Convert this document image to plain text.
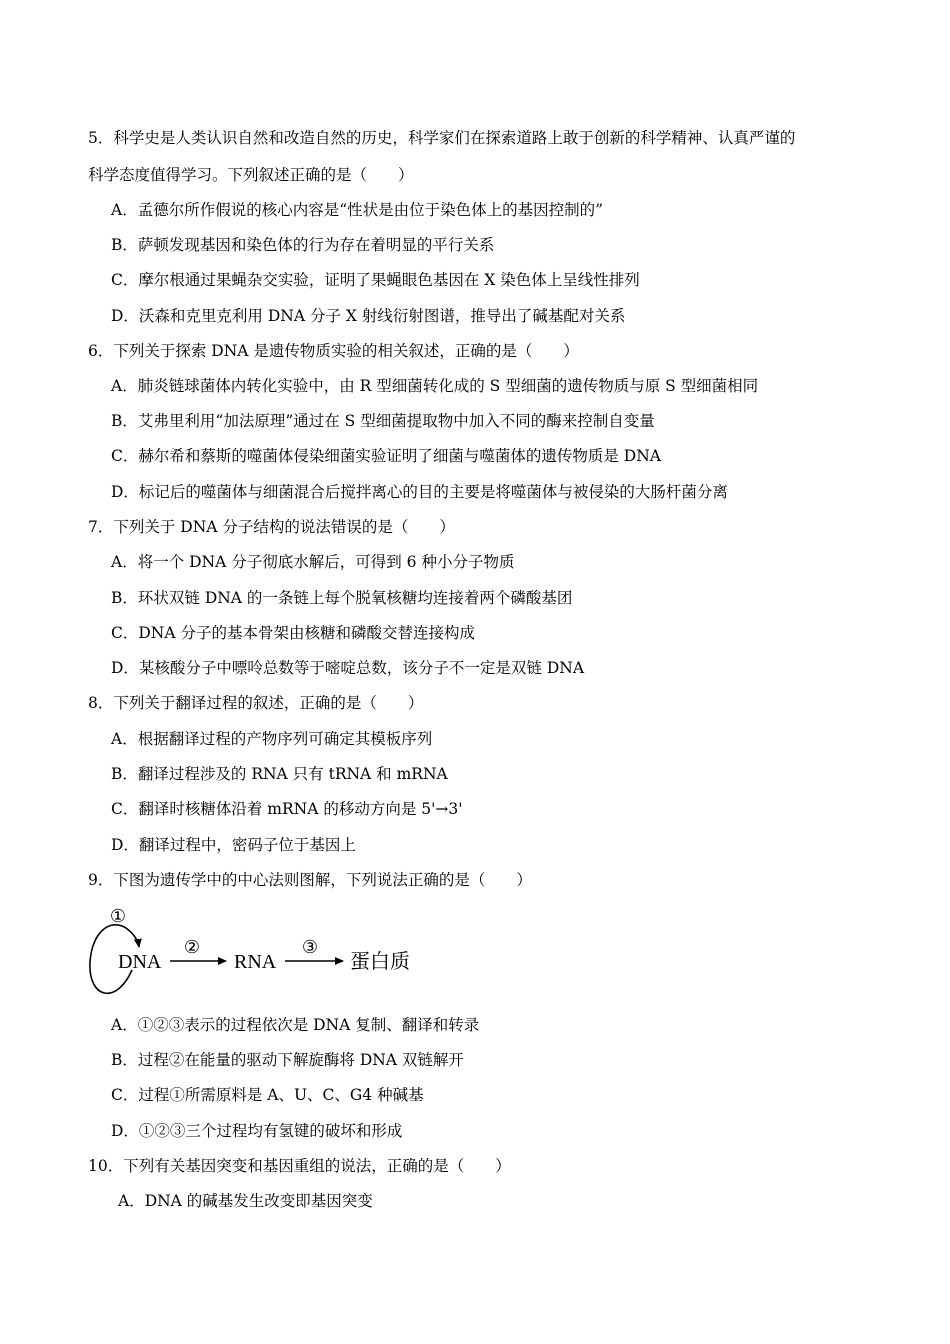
5．科学史是人类认识自然和改造自然的历史，科学家们在探索道路上敢于创新的科学精神、认真严谨的
科学态度值得学习。下列叙述正确的是（　　）
A．孟德尔所作假说的核心内容是“性状是由位于染色体上的基因控制的”
B．萨顿发现基因和染色体的行为存在着明显的平行关系
C．摩尔根通过果蝇杂交实验，证明了果蝇眼色基因在 X 染色体上呈线性排列
D．沃森和克里克利用 DNA 分子 X 射线衍射图谱，推导出了碱基配对关系
6．下列关于探索 DNA 是遗传物质实验的相关叙述，正确的是（　　）
A．肺炎链球菌体内转化实验中，由 R 型细菌转化成的 S 型细菌的遗传物质与原 S 型细菌相同
B．艾弗里利用“加法原理”通过在 S 型细菌提取物中加入不同的酶来控制自变量
C．赫尔希和蔡斯的噬菌体侵染细菌实验证明了细菌与噬菌体的遗传物质是 DNA
D．标记后的噬菌体与细菌混合后搅拌离心的目的主要是将噬菌体与被侵染的大肠杆菌分离
7．下列关于 DNA 分子结构的说法错误的是（　　）
A．将一个 DNA 分子彻底水解后，可得到 6 种小分子物质
B．环状双链 DNA 的一条链上每个脱氧核糖均连接着两个磷酸基团
C．DNA 分子的基本骨架由核糖和磷酸交替连接构成
D．某核酸分子中嘌呤总数等于嘧啶总数，该分子不一定是双链 DNA
8．下列关于翻译过程的叙述，正确的是（　　）
A．根据翻译过程的产物序列可确定其模板序列
B．翻译过程涉及的 RNA 只有 tRNA 和 mRNA
C．翻译时核糖体沿着 mRNA 的移动方向是 5'→3'
D．翻译过程中，密码子位于基因上
9．下图为遗传学中的中心法则图解，下列说法正确的是（　　）
①
DNA
②
RNA
③
蛋白质
A．①②③表示的过程依次是 DNA 复制、翻译和转录
B．过程②在能量的驱动下解旋酶将 DNA 双链解开
C．过程①所需原料是 A、U、C、G4 种碱基
D．①②③三个过程均有氢键的破坏和形成
10．下列有关基因突变和基因重组的说法，正确的是（　　）
A．DNA 的碱基发生改变即基因突变
